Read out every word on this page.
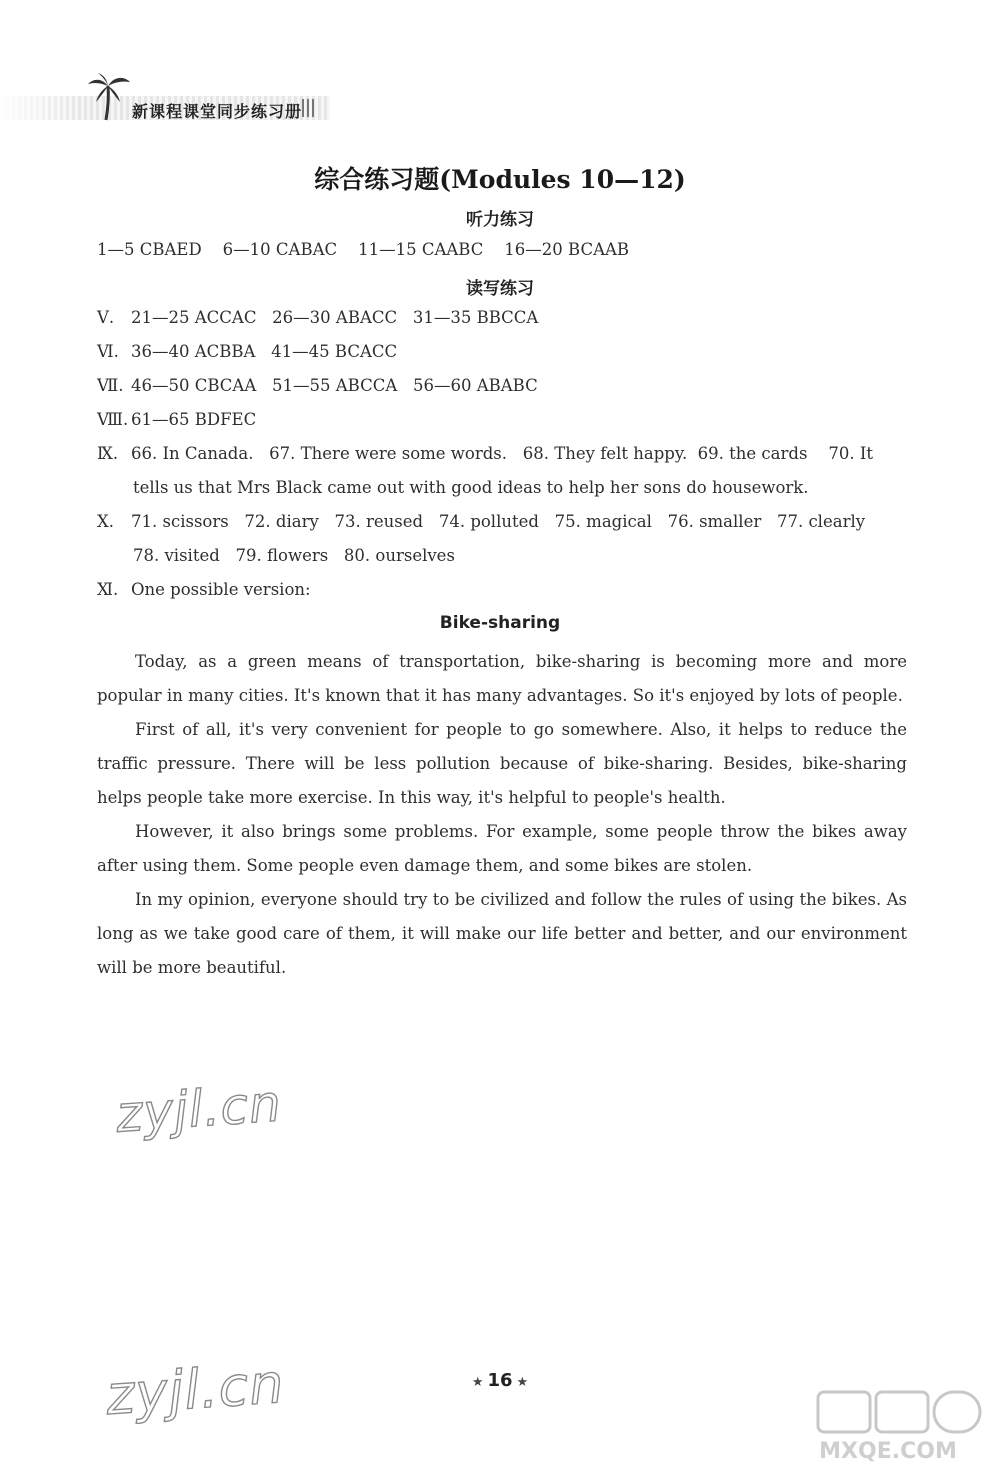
新课程课堂同步练习册
综合练习题(Modules 10—12)
听力练习
1—5 CBAED    6—10 CABAC    11—15 CAABC    16—20 BCAAB
读写练习
Ⅴ. 21—25 ACCAC   26—30 ABACC   31—35 BBCCA
Ⅵ. 36—40 ACBBA   41—45 BCACC
Ⅶ. 46—50 CBCAA   51—55 ABCCA   56—60 ABABC
Ⅷ. 61—65 BDFEC
Ⅸ. 66. In Canada.   67. There were some words.   68. They felt happy.  69. the cards    70. It
tells us that Mrs Black came out with good ideas to help her sons do housework.
Ⅹ. 71. scissors   72. diary   73. reused   74. polluted   75. magical   76. smaller   77. clearly
78. visited   79. flowers   80. ourselves
Ⅺ. One possible version:
Bike-sharing

Today, as a green means of transportation, bike-sharing is becoming more and more popular in many cities. It's known that it has many advantages. So it's enjoyed by lots of people.

First of all, it's very convenient for people to go somewhere. Also, it helps to reduce the traffic pressure. There will be less pollution because of bike-sharing. Besides, bike-sharing helps people take more exercise. In this way, it's helpful to people's health.

However, it also brings some problems. For example, some people throw the bikes away after using them. Some people even damage them, and some bikes are stolen.

In my opinion, everyone should try to be civilized and follow the rules of using the bikes. As long as we take good care of them, it will make our life better and better, and our environment will be more beautiful.

zyjl.cn
zyjl.cn	★ 16 ★
MXQE.COM
